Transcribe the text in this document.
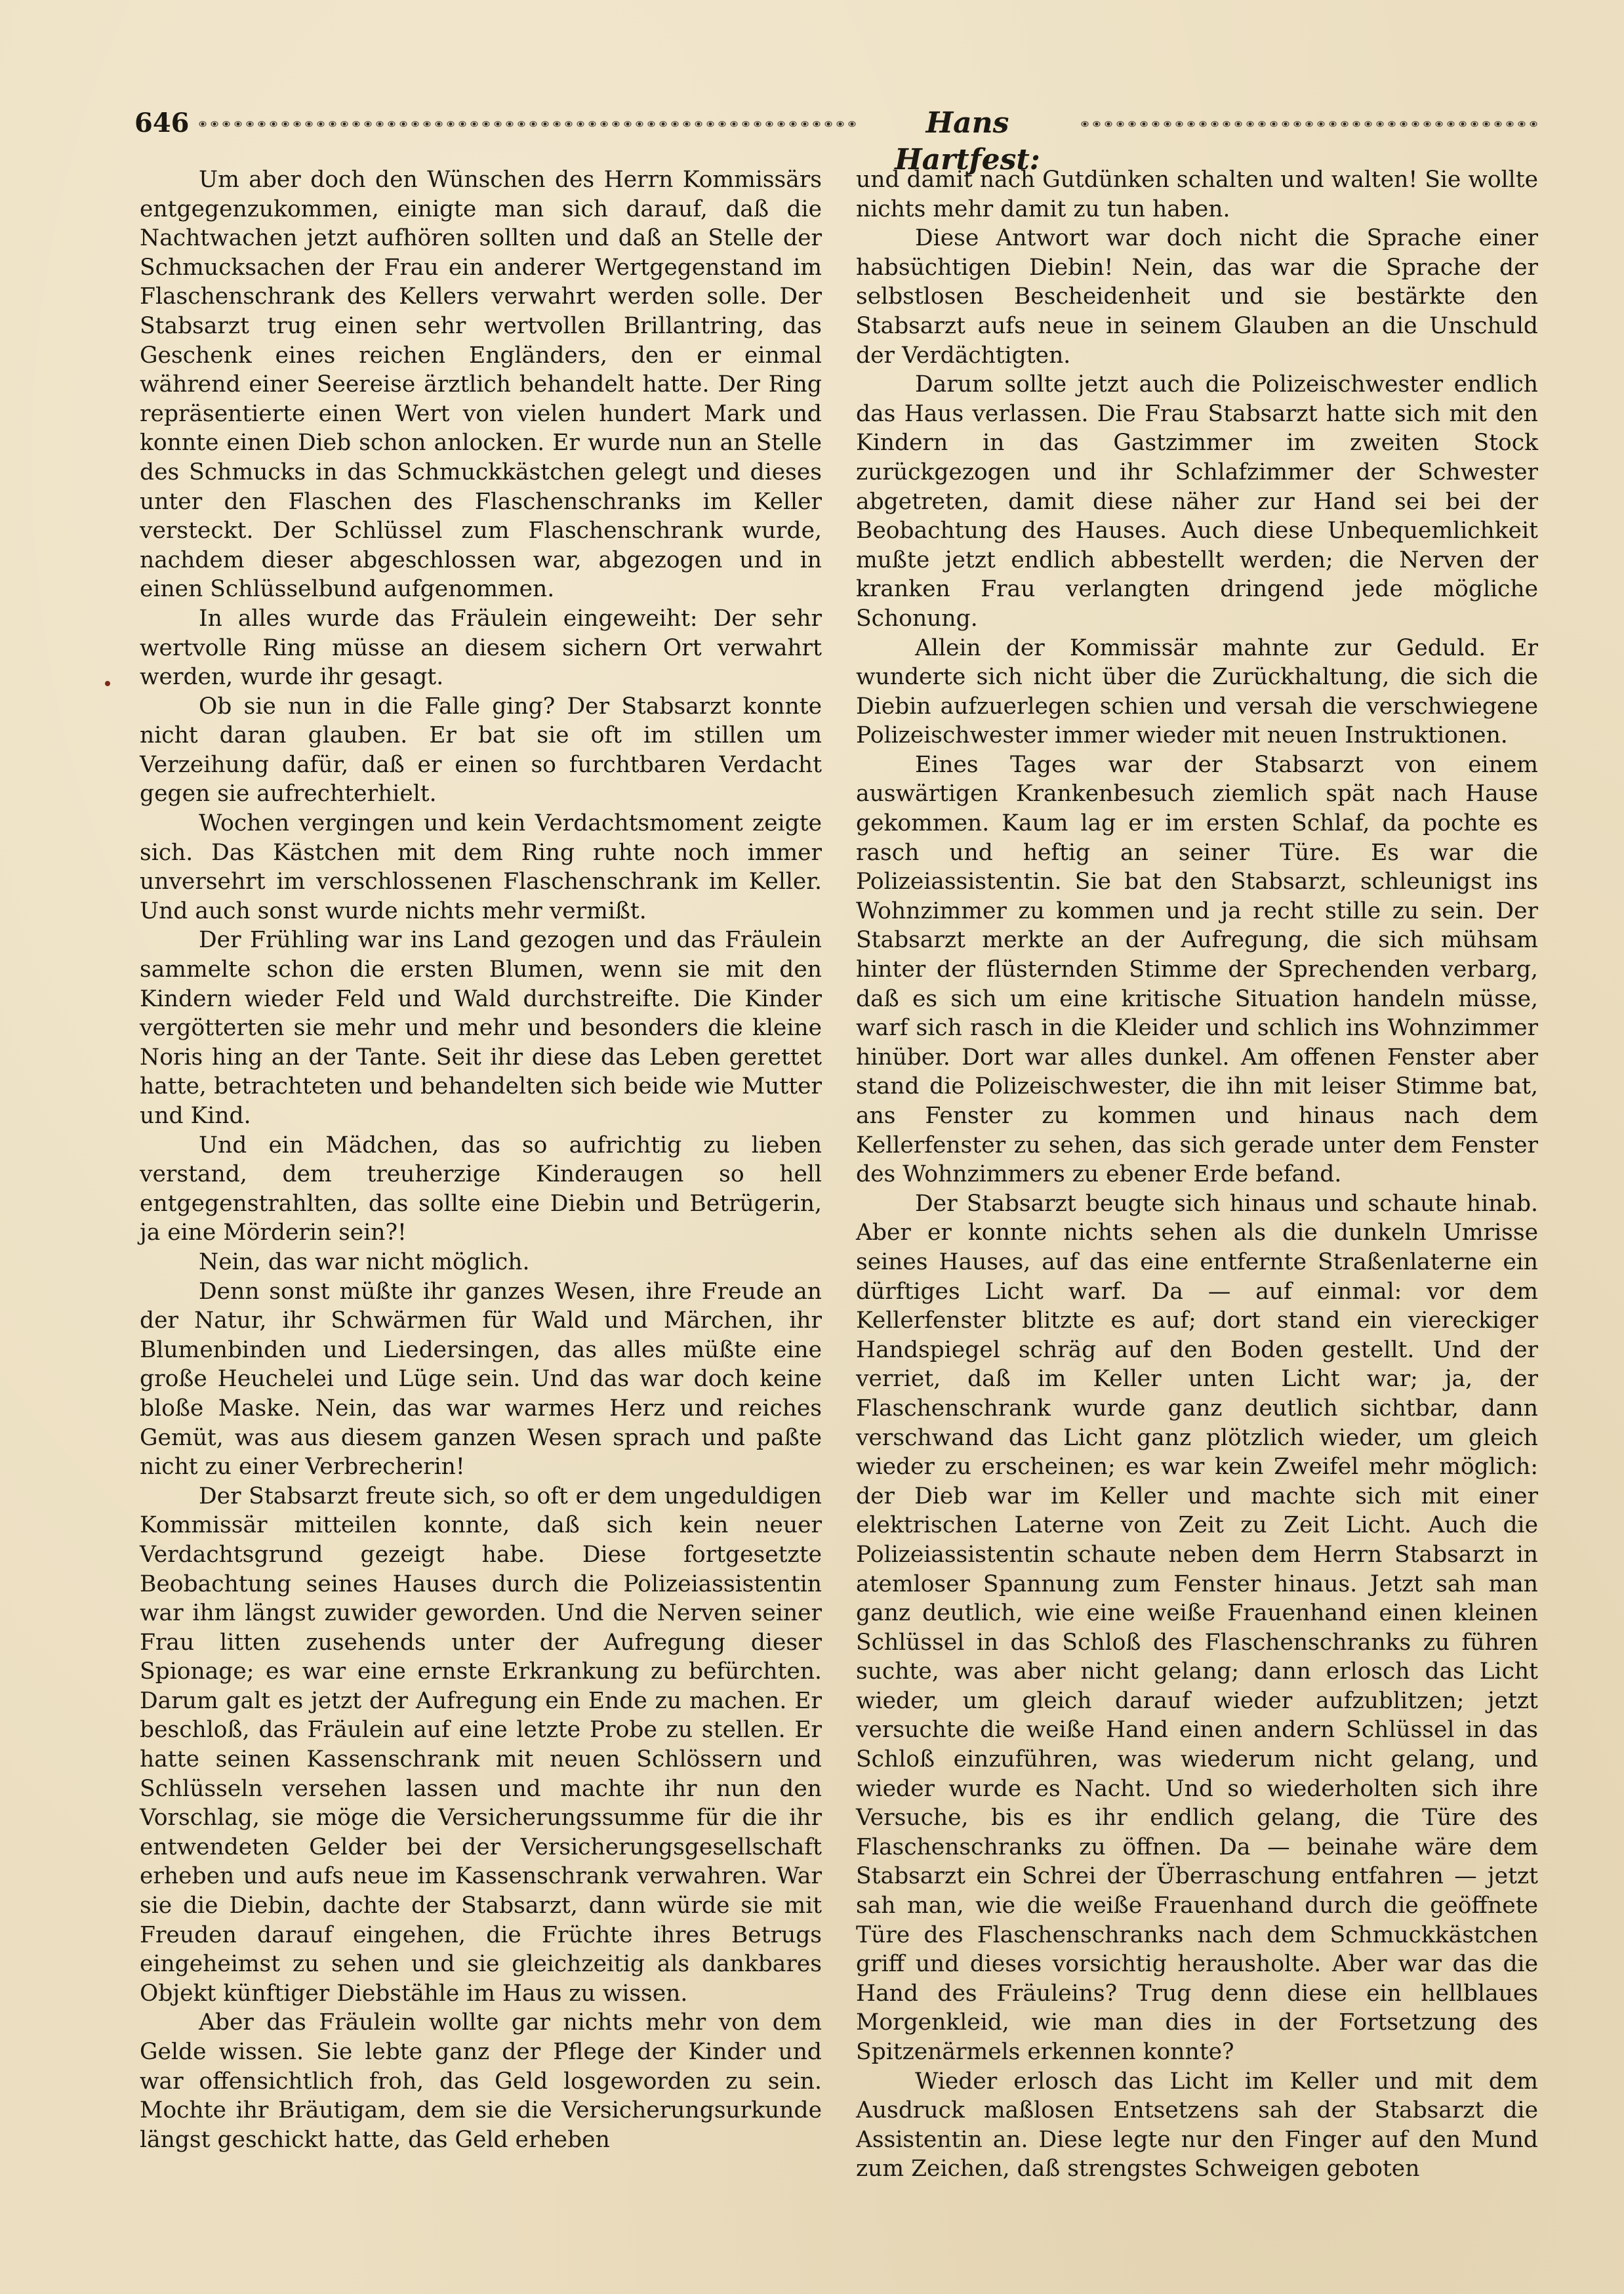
646	Hans Hartfest:

Um aber doch den Wünschen des Herrn Kommissärs entgegenzukommen, einigte man sich darauf, daß die Nachtwachen jetzt aufhören sollten und daß an Stelle der Schmucksachen der Frau ein anderer Wertgegenstand im Flaschenschrank des Kellers verwahrt werden solle. Der Stabsarzt trug einen sehr wertvollen Brillantring, das Geschenk eines reichen Engländers, den er einmal während einer Seereise ärztlich behandelt hatte. Der Ring repräsentierte einen Wert von vielen hundert Mark und konnte einen Dieb schon anlocken. Er wurde nun an Stelle des Schmucks in das Schmuckkästchen gelegt und dieses unter den Flaschen des Flaschenschranks im Keller versteckt. Der Schlüssel zum Flaschenschrank wurde, nachdem dieser abgeschlossen war, abgezogen und in einen Schlüsselbund aufgenommen.

In alles wurde das Fräulein eingeweiht: Der sehr wertvolle Ring müsse an diesem sichern Ort verwahrt werden, wurde ihr gesagt.

Ob sie nun in die Falle ging? Der Stabsarzt konnte nicht daran glauben. Er bat sie oft im stillen um Verzeihung dafür, daß er einen so furchtbaren Verdacht gegen sie aufrechterhielt.

Wochen vergingen und kein Verdachtsmoment zeigte sich. Das Kästchen mit dem Ring ruhte noch immer unversehrt im verschlossenen Flaschenschrank im Keller. Und auch sonst wurde nichts mehr vermißt.

Der Frühling war ins Land gezogen und das Fräulein sammelte schon die ersten Blumen, wenn sie mit den Kindern wieder Feld und Wald durchstreifte. Die Kinder vergötterten sie mehr und mehr und besonders die kleine Noris hing an der Tante. Seit ihr diese das Leben gerettet hatte, betrachteten und behandelten sich beide wie Mutter und Kind.

Und ein Mädchen, das so aufrichtig zu lieben verstand, dem treuherzige Kinderaugen so hell entgegenstrahlten, das sollte eine Diebin und Betrügerin, ja eine Mörderin sein?!

Nein, das war nicht möglich.

Denn sonst müßte ihr ganzes Wesen, ihre Freude an der Natur, ihr Schwärmen für Wald und Märchen, ihr Blumenbinden und Liedersingen, das alles müßte eine große Heuchelei und Lüge sein. Und das war doch keine bloße Maske. Nein, das war warmes Herz und reiches Gemüt, was aus diesem ganzen Wesen sprach und paßte nicht zu einer Verbrecherin!

Der Stabsarzt freute sich, so oft er dem ungeduldigen Kommissär mitteilen konnte, daß sich kein neuer Verdachtsgrund gezeigt habe. Diese fortgesetzte Beobachtung seines Hauses durch die Polizeiassistentin war ihm längst zuwider geworden. Und die Nerven seiner Frau litten zusehends unter der Aufregung dieser Spionage; es war eine ernste Erkrankung zu befürchten. Darum galt es jetzt der Aufregung ein Ende zu machen. Er beschloß, das Fräulein auf eine letzte Probe zu stellen. Er hatte seinen Kassenschrank mit neuen Schlössern und Schlüsseln versehen lassen und machte ihr nun den Vorschlag, sie möge die Versicherungssumme für die ihr entwendeten Gelder bei der Versicherungsgesellschaft erheben und aufs neue im Kassenschrank verwahren. War sie die Diebin, dachte der Stabsarzt, dann würde sie mit Freuden darauf eingehen, die Früchte ihres Betrugs eingeheimst zu sehen und sie gleichzeitig als dankbares Objekt künftiger Diebstähle im Haus zu wissen.

Aber das Fräulein wollte gar nichts mehr von dem Gelde wissen. Sie lebte ganz der Pflege der Kinder und war offensichtlich froh, das Geld losgeworden zu sein. Mochte ihr Bräutigam, dem sie die Versicherungsurkunde längst geschickt hatte, das Geld erheben

und damit nach Gutdünken schalten und walten! Sie wollte nichts mehr damit zu tun haben.

Diese Antwort war doch nicht die Sprache einer habsüchtigen Diebin! Nein, das war die Sprache der selbstlosen Bescheidenheit und sie bestärkte den Stabsarzt aufs neue in seinem Glauben an die Unschuld der Verdächtigten.

Darum sollte jetzt auch die Polizeischwester endlich das Haus verlassen. Die Frau Stabsarzt hatte sich mit den Kindern in das Gastzimmer im zweiten Stock zurückgezogen und ihr Schlafzimmer der Schwester abgetreten, damit diese näher zur Hand sei bei der Beobachtung des Hauses. Auch diese Unbequemlichkeit mußte jetzt endlich abbestellt werden; die Nerven der kranken Frau verlangten dringend jede mögliche Schonung.

Allein der Kommissär mahnte zur Geduld. Er wunderte sich nicht über die Zurückhaltung, die sich die Diebin aufzuerlegen schien und versah die verschwiegene Polizeischwester immer wieder mit neuen Instruktionen.

Eines Tages war der Stabsarzt von einem auswärtigen Krankenbesuch ziemlich spät nach Hause gekommen. Kaum lag er im ersten Schlaf, da pochte es rasch und heftig an seiner Türe. Es war die Polizeiassistentin. Sie bat den Stabsarzt, schleunigst ins Wohnzimmer zu kommen und ja recht stille zu sein. Der Stabsarzt merkte an der Aufregung, die sich mühsam hinter der flüsternden Stimme der Sprechenden verbarg, daß es sich um eine kritische Situation handeln müsse, warf sich rasch in die Kleider und schlich ins Wohnzimmer hinüber. Dort war alles dunkel. Am offenen Fenster aber stand die Polizeischwester, die ihn mit leiser Stimme bat, ans Fenster zu kommen und hinaus nach dem Kellerfenster zu sehen, das sich gerade unter dem Fenster des Wohnzimmers zu ebener Erde befand.

Der Stabsarzt beugte sich hinaus und schaute hinab. Aber er konnte nichts sehen als die dunkeln Umrisse seines Hauses, auf das eine entfernte Straßenlaterne ein dürftiges Licht warf. Da — auf einmal: vor dem Kellerfenster blitzte es auf; dort stand ein viereckiger Handspiegel schräg auf den Boden gestellt. Und der verriet, daß im Keller unten Licht war; ja, der Flaschenschrank wurde ganz deutlich sichtbar, dann verschwand das Licht ganz plötzlich wieder, um gleich wieder zu erscheinen; es war kein Zweifel mehr möglich: der Dieb war im Keller und machte sich mit einer elektrischen Laterne von Zeit zu Zeit Licht. Auch die Polizeiassistentin schaute neben dem Herrn Stabsarzt in atemloser Spannung zum Fenster hinaus. Jetzt sah man ganz deutlich, wie eine weiße Frauenhand einen kleinen Schlüssel in das Schloß des Flaschenschranks zu führen suchte, was aber nicht gelang; dann erlosch das Licht wieder, um gleich darauf wieder aufzublitzen; jetzt versuchte die weiße Hand einen andern Schlüssel in das Schloß einzuführen, was wiederum nicht gelang, und wieder wurde es Nacht. Und so wiederholten sich ihre Versuche, bis es ihr endlich gelang, die Türe des Flaschenschranks zu öffnen. Da — beinahe wäre dem Stabsarzt ein Schrei der Überraschung entfahren — jetzt sah man, wie die weiße Frauenhand durch die geöffnete Türe des Flaschenschranks nach dem Schmuckkästchen griff und dieses vorsichtig herausholte. Aber war das die Hand des Fräuleins? Trug denn diese ein hellblaues Morgenkleid, wie man dies in der Fortsetzung des Spitzenärmels erkennen konnte?

Wieder erlosch das Licht im Keller und mit dem Ausdruck maßlosen Entsetzens sah der Stabsarzt die Assistentin an. Diese legte nur den Finger auf den Mund zum Zeichen, daß strengstes Schweigen geboten
